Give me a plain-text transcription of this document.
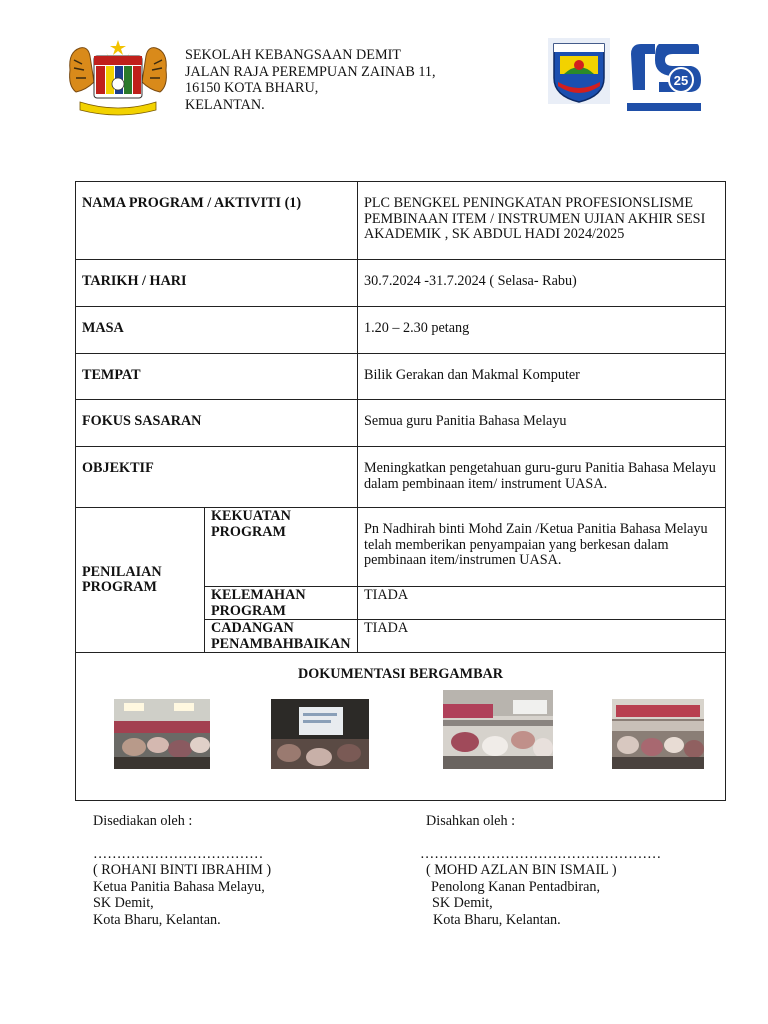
SEKOLAH KEBANGSAAN DEMIT
JALAN RAJA PEREMPUAN ZAINAB 11,
16150 KOTA BHARU,
KELANTAN.
25
NAMA PROGRAM / AKTIVITI (1)		PLC BENGKEL PENINGKATAN PROFESIONSLISME PEMBINAAN ITEM / INSTRUMEN UJIAN AKHIR SESI AKADEMIK , SK ABDUL HADI 2024/2025
TARIKH / HARI		30.7.2024 -31.7.2024 ( Selasa- Rabu)
MASA		1.20 – 2.30 petang
TEMPAT		Bilik Gerakan dan Makmal Komputer
FOKUS SASARAN		Semua guru Panitia Bahasa Melayu
OBJEKTIF		Meningkatkan pengetahuan guru-guru Panitia Bahasa Melayu dalam pembinaan item/ instrument UASA.
PENILAIAN PROGRAM	KEKUATAN PROGRAM	Pn Nadhirah binti Mohd Zain /Ketua Panitia Bahasa Melayu telah memberikan penyampaian yang berkesan dalam pembinaan item/instrumen UASA.
	KELEMAHAN PROGRAM	TIADA
	CADANGAN PENAMBAHBAIKAN	TIADA

DOKUMENTASI BERGAMBAR		
Disediakan oleh :
………………………………
( ROHANI BINTI IBRAHIM )
Ketua Panitia Bahasa Melayu,
SK Demit,
Kota Bharu, Kelantan.
Disahkan oleh :
……………………………………………
( MOHD AZLAN BIN ISMAIL )
Penolong Kanan Pentadbiran,
SK Demit,
Kota Bharu, Kelantan.
